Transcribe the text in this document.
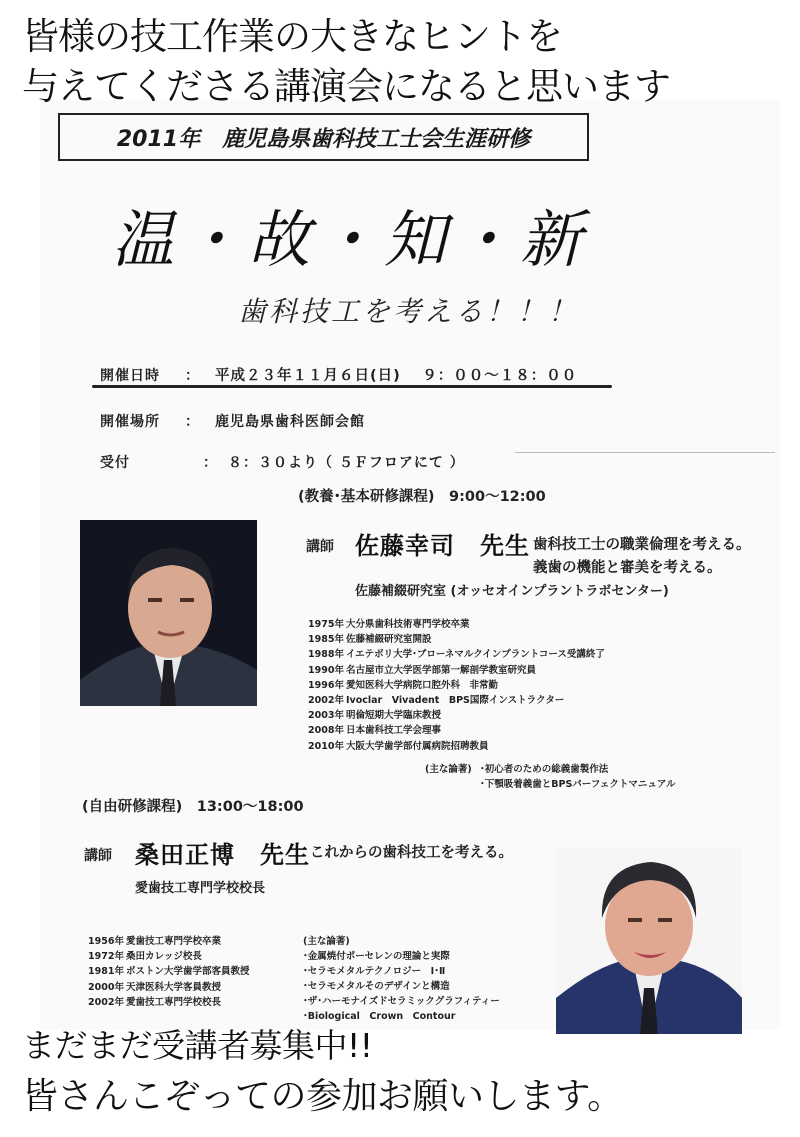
皆様の技工作業の大きなヒントを
与えてくださる講演会になると思います
2011年　鹿児島県歯科技工士会生涯研修
温・故・知・新
歯科技工を考える！！！
開催日時 ： 平成２３年１１月６日(日)　 ９：００～１８：００
開催場所 ： 鹿児島県歯科医師会館
受付	： ８：３０より（ ５Ｆフロアにて ）
(教養･基本研修課程)　9:00～12:00
講師 佐藤幸司　先生 歯科技工士の職業倫理を考える。
義歯の機能と審美を考える。
佐藤補綴研究室 (オッセオインプラントラボセンター)
1975年 大分県歯科技術専門学校卒業
1985年 佐藤補綴研究室開設
1988年 イエテボリ大学･ブローネマルクインプラントコース受講終了
1990年 名古屋市立大学医学部第一解剖学教室研究員
1996年 愛知医科大学病院口腔外科　非常勤
2002年 Ivoclar　Vivadent　BPS国際インストラクター
2003年 明倫短期大学臨床教授
2008年 日本歯科技工学会理事
2010年 大阪大学歯学部付属病院招聘教員
(主な論著) ･初心者のための総義歯製作法
･下顎吸着義歯とBPSパーフェクトマニュアル
(自由研修課程)　13:00～18:00
講師 桑田正博　先生 これからの歯科技工を考える。
愛歯技工専門学校校長
1956年 愛歯技工専門学校卒業
1972年 桑田カレッジ校長
1981年 ボストン大学歯学部客員教授
2000年 天津医科大学客員教授
2002年 愛歯技工専門学校校長
(主な論著)
･金属焼付ポーセレンの理論と実際
･セラモメタルテクノロジー　Ⅰ･Ⅱ
･セラモメタルそのデザインと構造
･ザ･ハーモナイズドセラミックグラフィティー
･Biological　Crown　Contour
まだまだ受講者募集中!!
皆さんこぞっての参加お願いします。
